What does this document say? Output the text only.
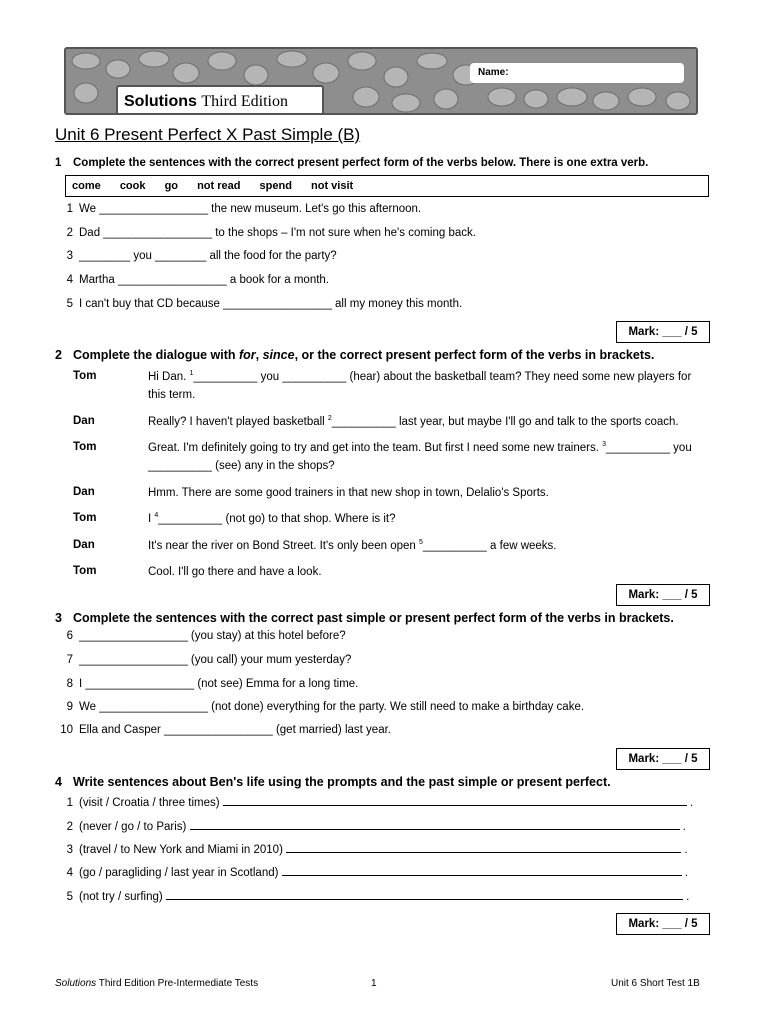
Solutions Third Edition
Name:
Unit 6 Present Perfect X Past Simple (B)
1 Complete the sentences with the correct present perfect form of the verbs below. There is one extra verb.
come cook go not read spend not visit
1 We _________________ the new museum. Let's go this afternoon.
2 Dad _________________ to the shops – I'm not sure when he's coming back.
3 ________ you ________ all the food for the party?
4 Martha _________________ a book for a month.
5 I can't buy that CD because _________________ all my money this month.
Mark: ___ / 5
2 Complete the dialogue with for, since, or the correct present perfect form of the verbs in brackets.
Tom	Hi Dan. $^1$__________ you __________ (hear) about the basketball team? They need some new players for this term.
Dan	Really? I haven't played basketball $^2$__________ last year, but maybe I'll go and talk to the sports coach.
Tom	Great. I'm definitely going to try and get into the team. But first I need some new trainers. $^3$__________ you __________ (see) any in the shops?
Dan	Hmm. There are some good trainers in that new shop in town, Delalio's Sports.
Tom	I $^4$__________ (not go) to that shop. Where is it?
Dan	It's near the river on Bond Street. It's only been open $^5$__________ a few weeks.
Tom	Cool. I'll go there and have a look.
Mark: ___ / 5
3 Complete the sentences with the correct past simple or present perfect form of the verbs in brackets.
6 _________________ (you stay) at this hotel before?
7 _________________ (you call) your mum yesterday?
8 I _________________ (not see) Emma for a long time.
9 We _________________ (not done) everything for the party. We still need to make a birthday cake.
10 Ella and Casper _________________ (get married) last year.
Mark: ___ / 5
4 Write sentences about Ben's life using the prompts and the past simple or present perfect.
1 (visit / Croatia / three times)	.
2 (never / go / to Paris)	.
3 (travel / to New York and Miami in 2010)	.
4 (go / paragliding / last year in Scotland)	.
5 (not try / surfing)	.
Mark: ___ / 5
Solutions Third Edition Pre-Intermediate Tests	1	Unit 6 Short Test 1B
